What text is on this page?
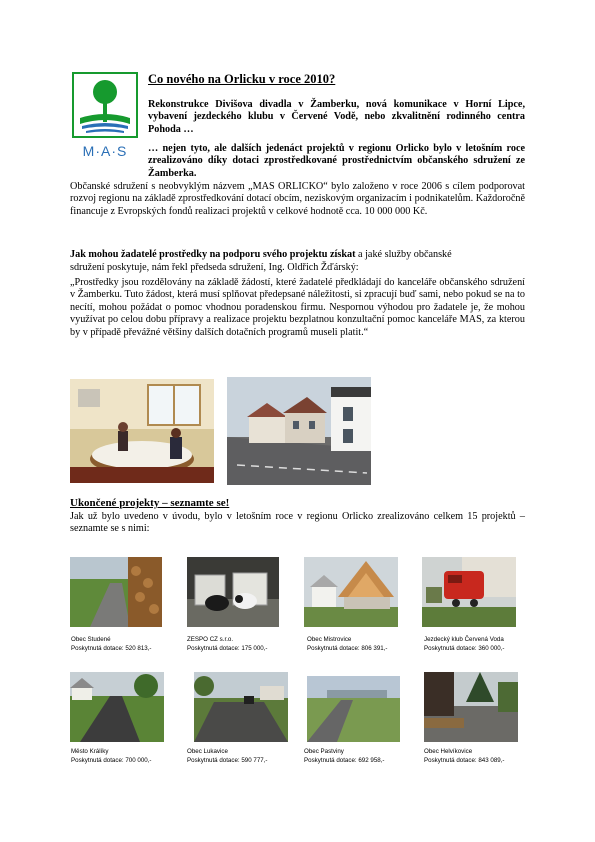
M·A·S
Co nového na Orlicku v roce 2010?

Rekonstrukce Divišova divadla v Žamberku, nová komunikace v Horní Lipce, vybavení jezdeckého klubu v Červené Vodě, nebo zkvalitnění rodinného centra Pohoda …

… nejen tyto, ale dalších jedenáct projektů v regionu Orlicko bylo v letošním roce zrealizováno díky dotaci zprostředkované prostřednictvím občanského sdružení ze Žamberka.

Občanské sdružení s neobvyklým názvem „MAS ORLICKO“ bylo založeno v roce 2006 s cílem podporovat rozvoj regionu na základě zprostředkování dotací obcím, neziskovým organizacím i podnikatelům. Každoročně financuje z Evropských fondů realizaci projektů v celkové hodnotě cca. 10 000 000 Kč.

Jak mohou žadatelé prostředky na podporu svého projektu získat a jaké služby občanské

sdružení poskytuje, nám řekl předseda sdružení, Ing. Oldřich Žďárský:

„Prostředky jsou rozdělovány na základě žádostí, které žadatelé předkládají do kanceláře občanského sdružení v Žamberku. Tuto žádost, která musí splňovat předepsané náležitosti, si zpracují buď sami, nebo pokud se na to necítí, mohou požádat o pomoc vhodnou poradenskou firmu. Nespornou výhodou pro žadatele je, že mohou využívat po celou dobu přípravy a realizace projektu bezplatnou konzultační pomoc kanceláře MAS, za kterou by v případě převážné většiny dalších dotačních programů museli platit.“

Ukončené projekty – seznamte se!

Jak už bylo uvedeno v úvodu, bylo v letošním roce v regionu Orlicko zrealizováno celkem 15 projektů – seznamte se s nimi:

Obec Studené
Poskytnutá dotace: 520 813,-
ZESPO CZ s.r.o.
Poskytnutá dotace: 175 000,-
Obec Mistrovice
Poskytnutá dotace: 806 391,-
Jezdecký klub Červená Voda
Poskytnutá dotace: 360 000,-
Město Králíky
Poskytnutá dotace: 700 000,-
Obec Lukavice
Poskytnutá dotace: 590 777,-
Obec Pastviny
Poskytnutá dotace: 692 958,-
Obec Helvíkovice
Poskytnutá dotace: 843 089,-
